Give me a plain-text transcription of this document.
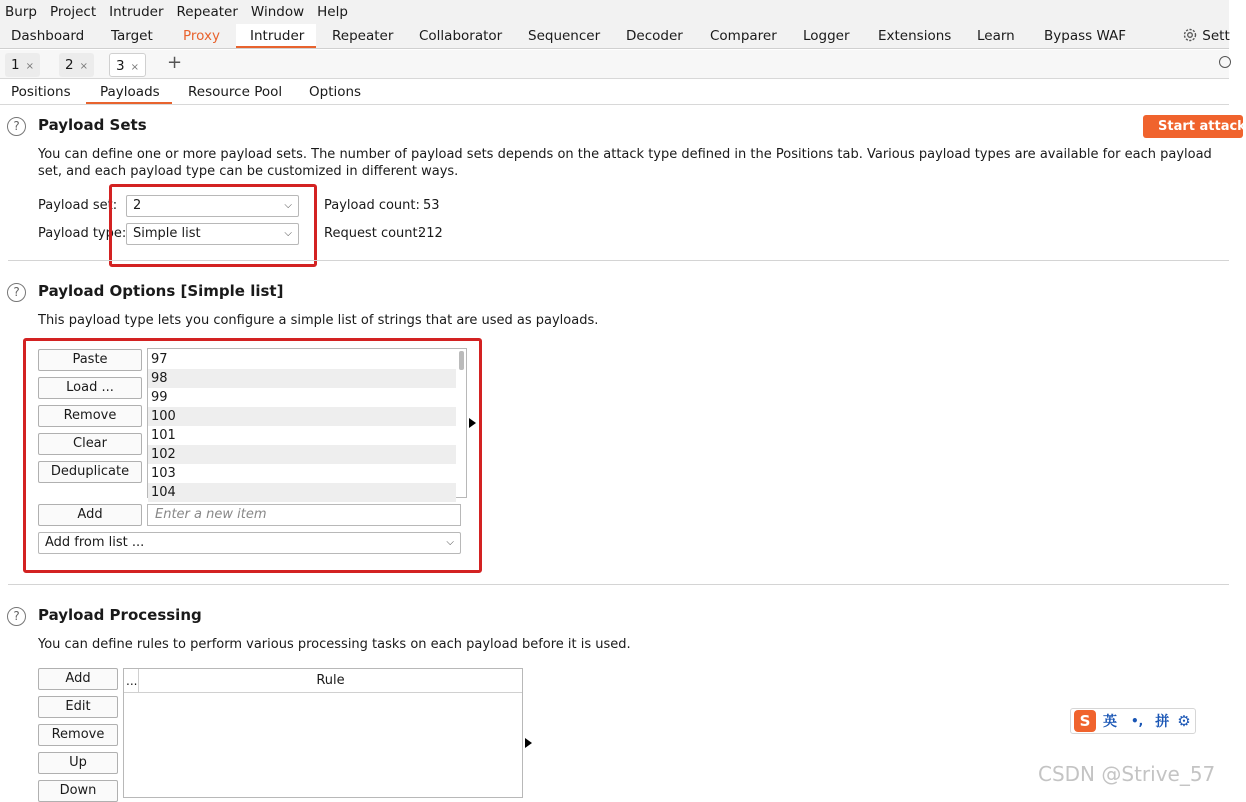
Burp Project Intruder Repeater Window Help
Dashboard	Target	Proxy	Intruder	Repeater	Collaborator	Sequencer	Decoder	Comparer	Logger	Extensions	Learn	Bypass WAF	Sett
1 ×	2 ×	3 ×	+
Positions	Payloads	Resource Pool	Options
?	Payload Sets	Start attack
You can define one or more payload sets. The number of payload sets depends on the attack type defined in the Positions tab. Various payload types are available for each payload set, and each payload type can be customized in different ways.
Payload set:	2	⌵
Payload type: Simple list	⌵
Payload count: 53
Request count:
212
?	Payload Options [Simple list]
This payload type lets you configure a simple list of strings that are used as payloads.
Paste
Load ...
Remove
Clear
Deduplicate
97
98
99
100
101
102
103
104
Add	Enter a new item
Add from list ...	⌵
?	Payload Processing
You can define rules to perform various processing tasks on each payload before it is used.
Add
Edit
Remove
Up
Down
...	Rule
S 英 •, 拼 ⚙
CSDN @Strive_57
